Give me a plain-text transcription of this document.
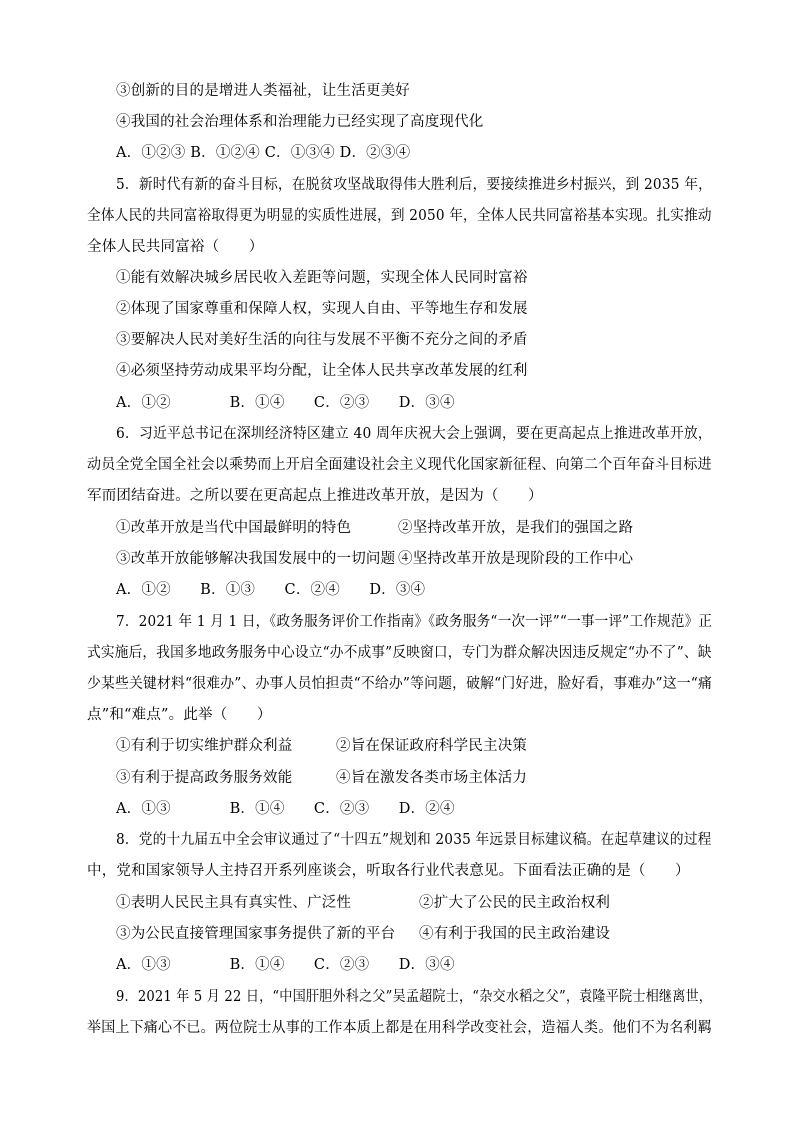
③创新的目的是增进人类福祉，让生活更美好
④我国的社会治理体系和治理能力已经实现了高度现代化
A．①②③ B．①②④ C．①③④ D．②③④
5．新时代有新的奋斗目标，在脱贫攻坚战取得伟大胜利后，要接续推进乡村振兴，到 2035 年，
全体人民的共同富裕取得更为明显的实质性进展，到 2050 年，全体人民共同富裕基本实现。扎实推动
全体人民共同富裕（　　）
①能有效解决城乡居民收入差距等问题，实现全体人民同时富裕
②体现了国家尊重和保障人权，实现人自由、平等地生存和发展
③要解决人民对美好生活的向往与发展不平衡不充分之间的矛盾
④必须坚持劳动成果平均分配，让全体人民共享改革发展的红利
A．①②　　　　B．①④　　C．②③　　D．③④
6．习近平总书记在深圳经济特区建立 40 周年庆祝大会上强调，要在更高起点上推进改革开放，
动员全党全国全社会以乘势而上开启全面建设社会主义现代化国家新征程、向第二个百年奋斗目标进
军而团结奋进。之所以要在更高起点上推进改革开放，是因为（　　）
①改革开放是当代中国最鲜明的特色	②坚持改革开放，是我们的强国之路
③改革开放能够解决我国发展中的一切问题 ④坚持改革开放是现阶段的工作中心
A．①②　　B．①③　　C．②④　　D．③④
7．2021 年 1 月 1 日，《政务服务评价工作指南》《政务服务“一次一评”“一事一评”工作规范》正
式实施后，我国多地政务服务中心设立“办不成事”反映窗口，专门为群众解决因违反规定“办不了”、缺
少某些关键材料“很难办”、办事人员怕担责“不给办”等问题，破解“门好进，脸好看，事难办”这一“痛
点”和“难点”。此举（　　）
①有利于切实维护群众利益	②旨在保证政府科学民主决策
③有利于提高政务服务效能	④旨在激发各类市场主体活力
A．①③　　　　B．①④　　C．②③　　D．②④
8．党的十九届五中全会审议通过了“十四五”规划和 2035 年远景目标建议稿。在起草建议的过程
中，党和国家领导人主持召开系列座谈会，听取各行业代表意见。下面看法正确的是（　　）
①表明人民民主具有真实性、广泛性	②扩大了公民的民主政治权利
③为公民直接管理国家事务提供了新的平台 ④有利于我国的民主政治建设
A．①③　　　　B．①④　　C．②③　　D．③④
9．2021 年 5 月 22 日，“中国肝胆外科之父”吴孟超院士，“杂交水稻之父”，袁隆平院士相继离世，
举国上下痛心不已。两位院士从事的工作本质上都是在用科学改变社会，造福人类。他们不为名利羁
